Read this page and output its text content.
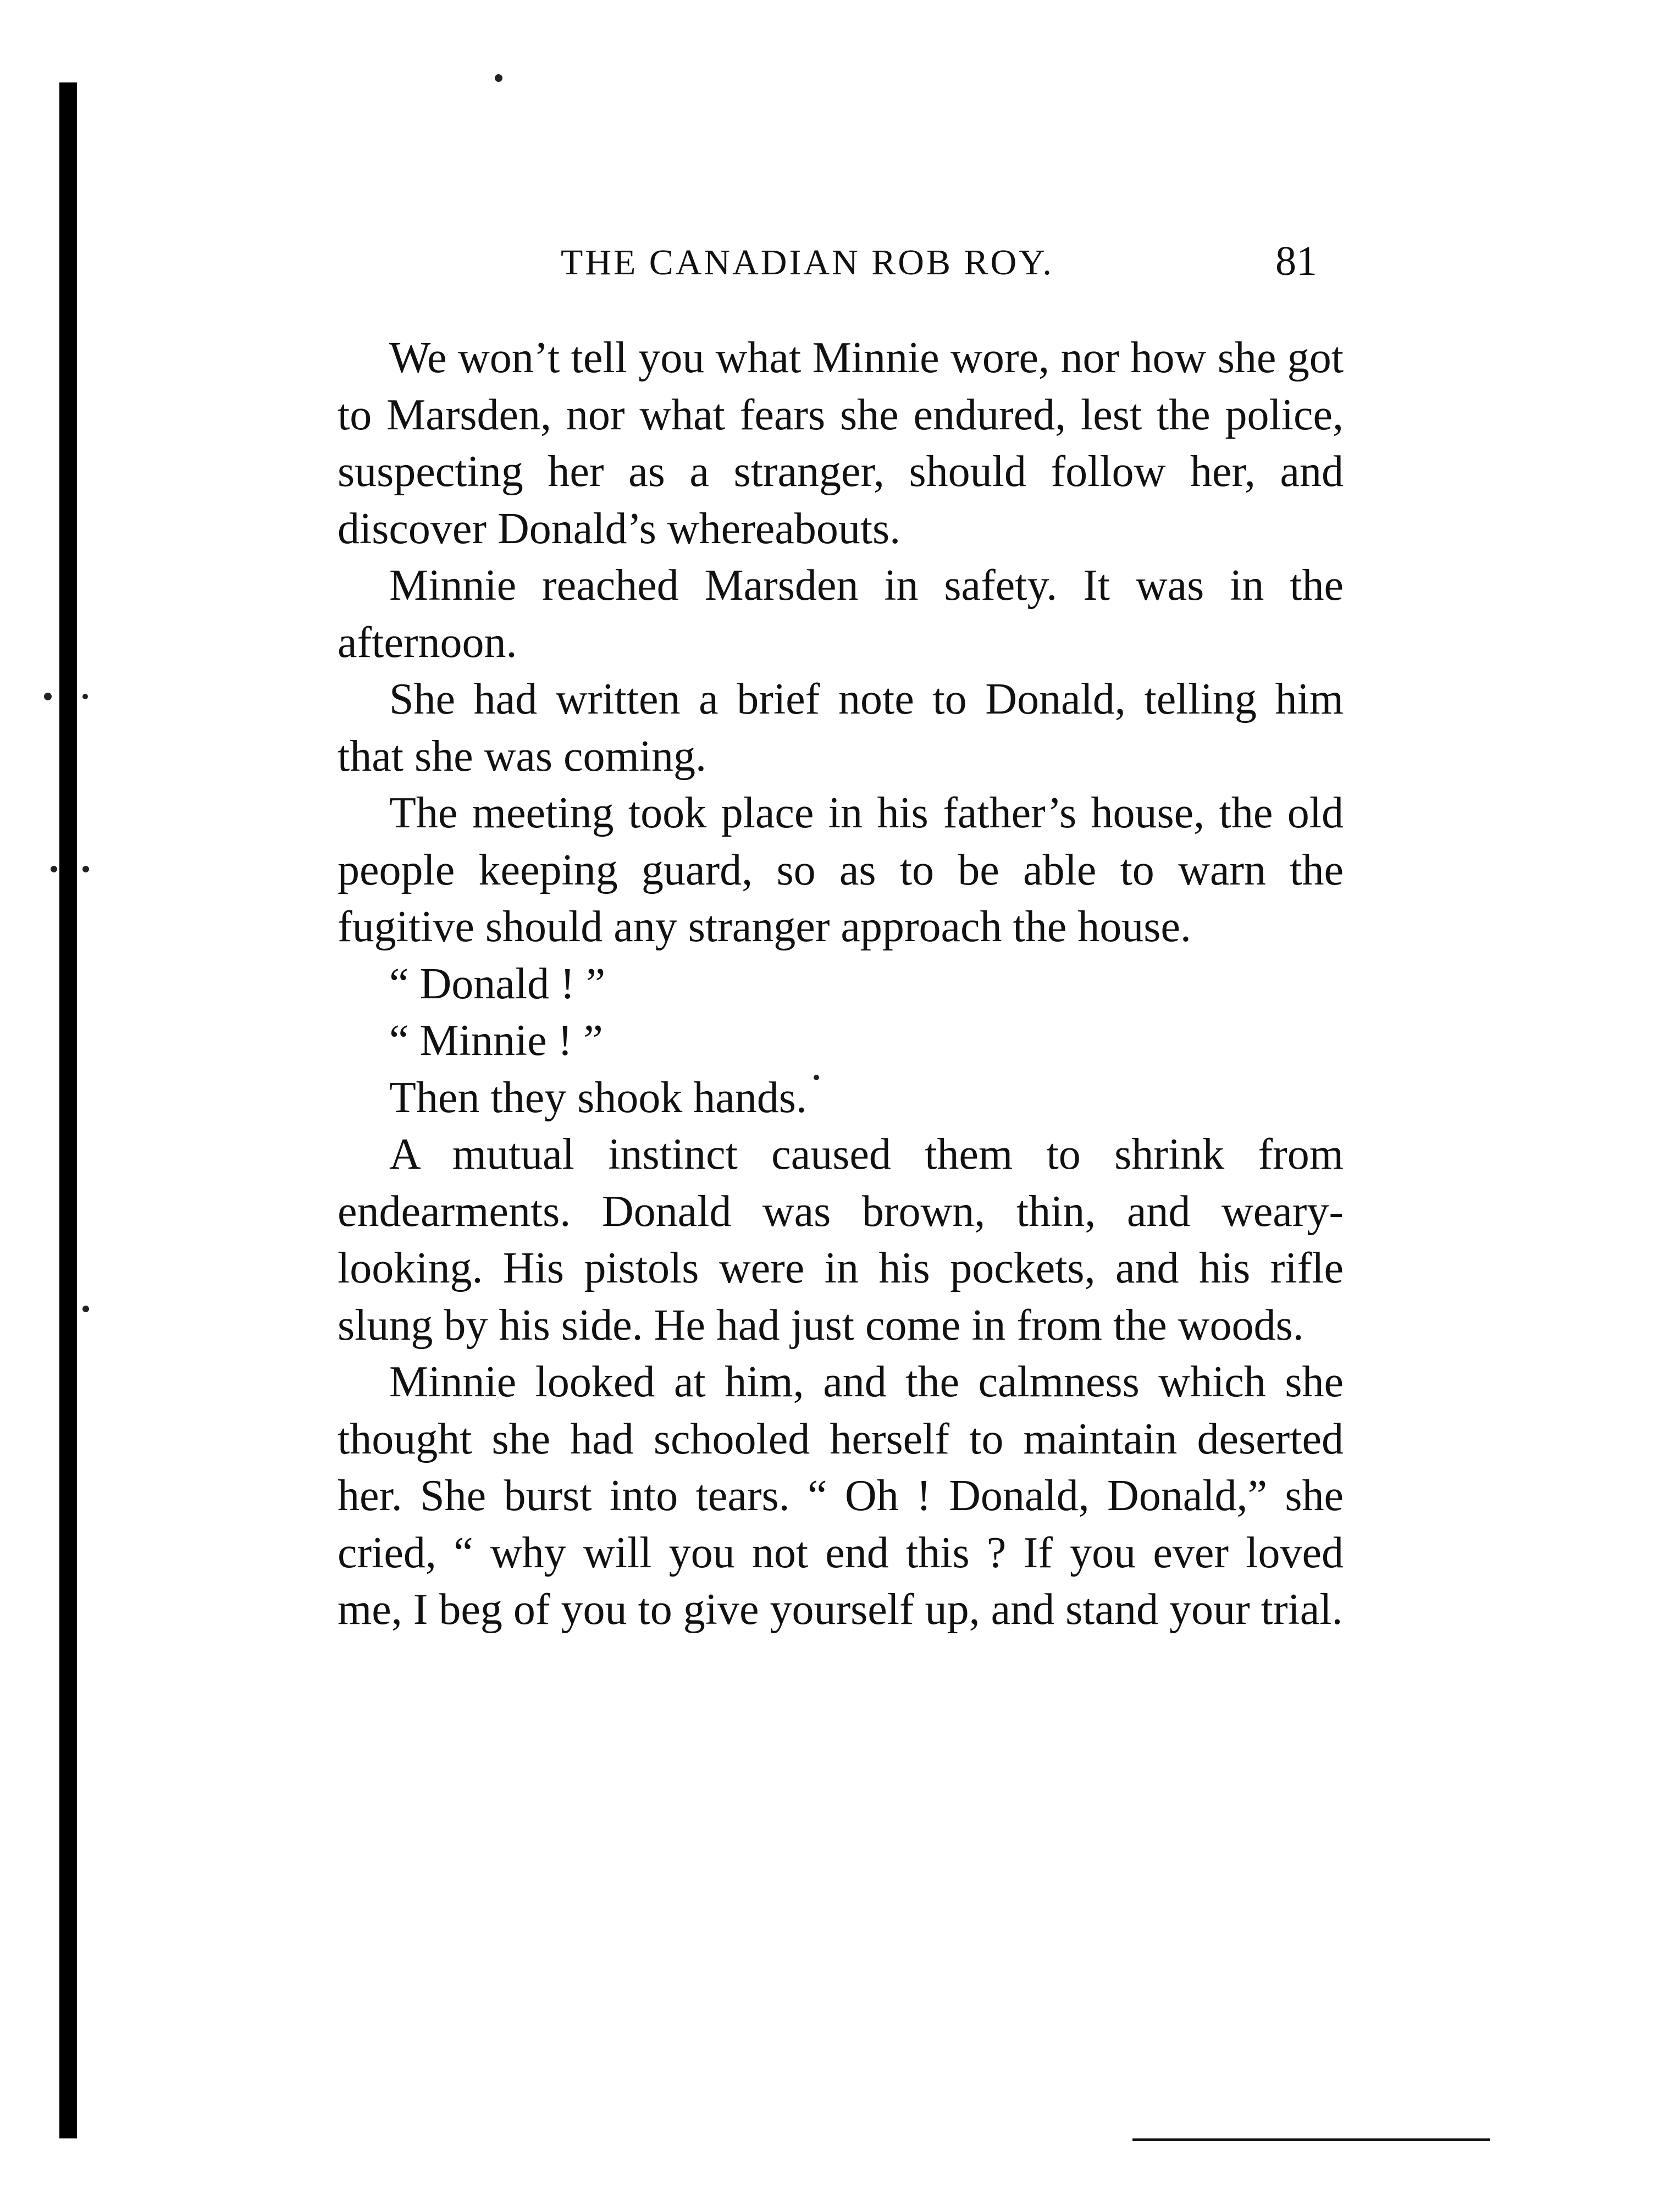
THE CANADIAN ROB ROY.	81

We won’t tell you what Minnie wore, nor how she got to Marsden, nor what fears she endured, lest the police, suspecting her as a stranger, should follow her, and discover Donald’s whereabouts.

Minnie reached Marsden in safety. It was in the afternoon.

She had written a brief note to Donald, telling him that she was coming.

The meeting took place in his father’s house, the old people keeping guard, so as to be able to warn the fugitive should any stranger approach the house.

“ Donald ! ”

“ Minnie ! ”

Then they shook hands.

A mutual instinct caused them to shrink from endearments. Donald was brown, thin, and weary-looking. His pistols were in his pockets, and his rifle slung by his side. He had just come in from the woods.

Minnie looked at him, and the calmness which she thought she had schooled herself to maintain deserted her. She burst into tears. “ Oh ! Donald, Donald,” she cried, “ why will you not end this ? If you ever loved me, I beg of you to give yourself up, and stand your trial.
